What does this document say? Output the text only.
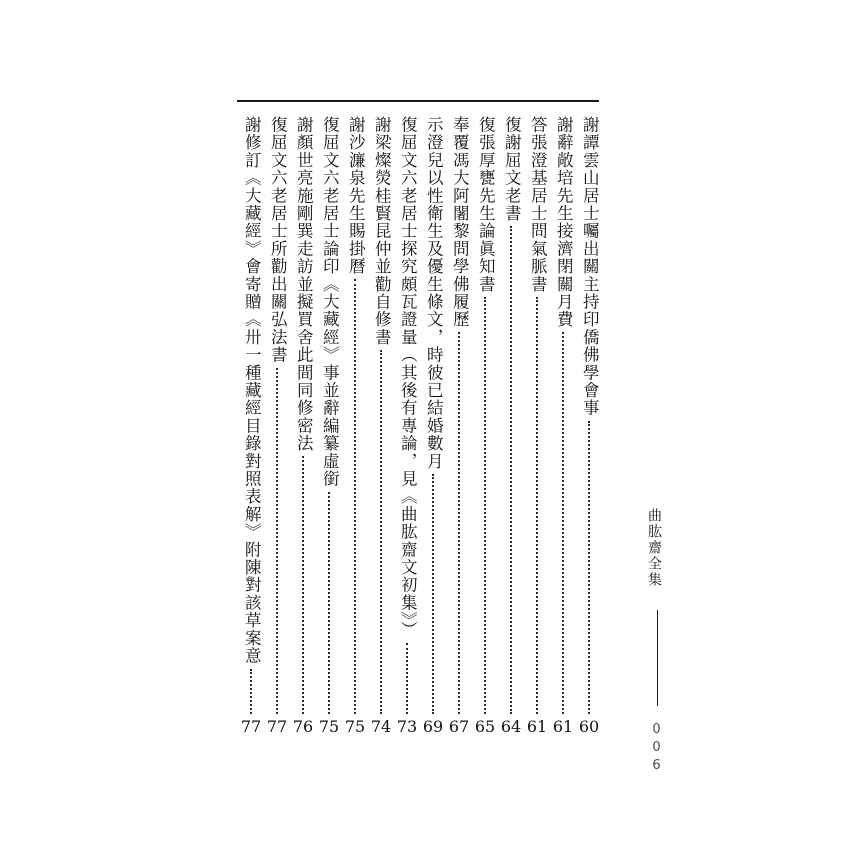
謝譚雲山居士囑出關主持印僑佛學會事
60
謝辭敞培先生接濟閉關月費
61
答張澄基居士問氣脈書
61
復謝屈文老書
64
復張厚甕先生論眞知書
65
奉覆馮大阿闍黎問學佛履歷
67
示澄兒以性衛生及優生條文，時彼已結婚數月
69
復屈文六老居士探究頗瓦證量（其後有專論，見《曲肱齋文初集》）
73
謝梁燦熒桂賢昆仲並勸自修書
74
謝沙濂泉先生賜掛曆
75
復屈文六老居士論印《大藏經》事並辭編纂虛銜
75
謝顏世亮施剛巽走訪並擬買舍此間同修密法
76
復屈文六老居士所勸出關弘法書
77
謝修訂《大藏經》會寄贈《卅一種藏經目錄對照表解》附陳對該草案意
77
曲肱齋全集
006
